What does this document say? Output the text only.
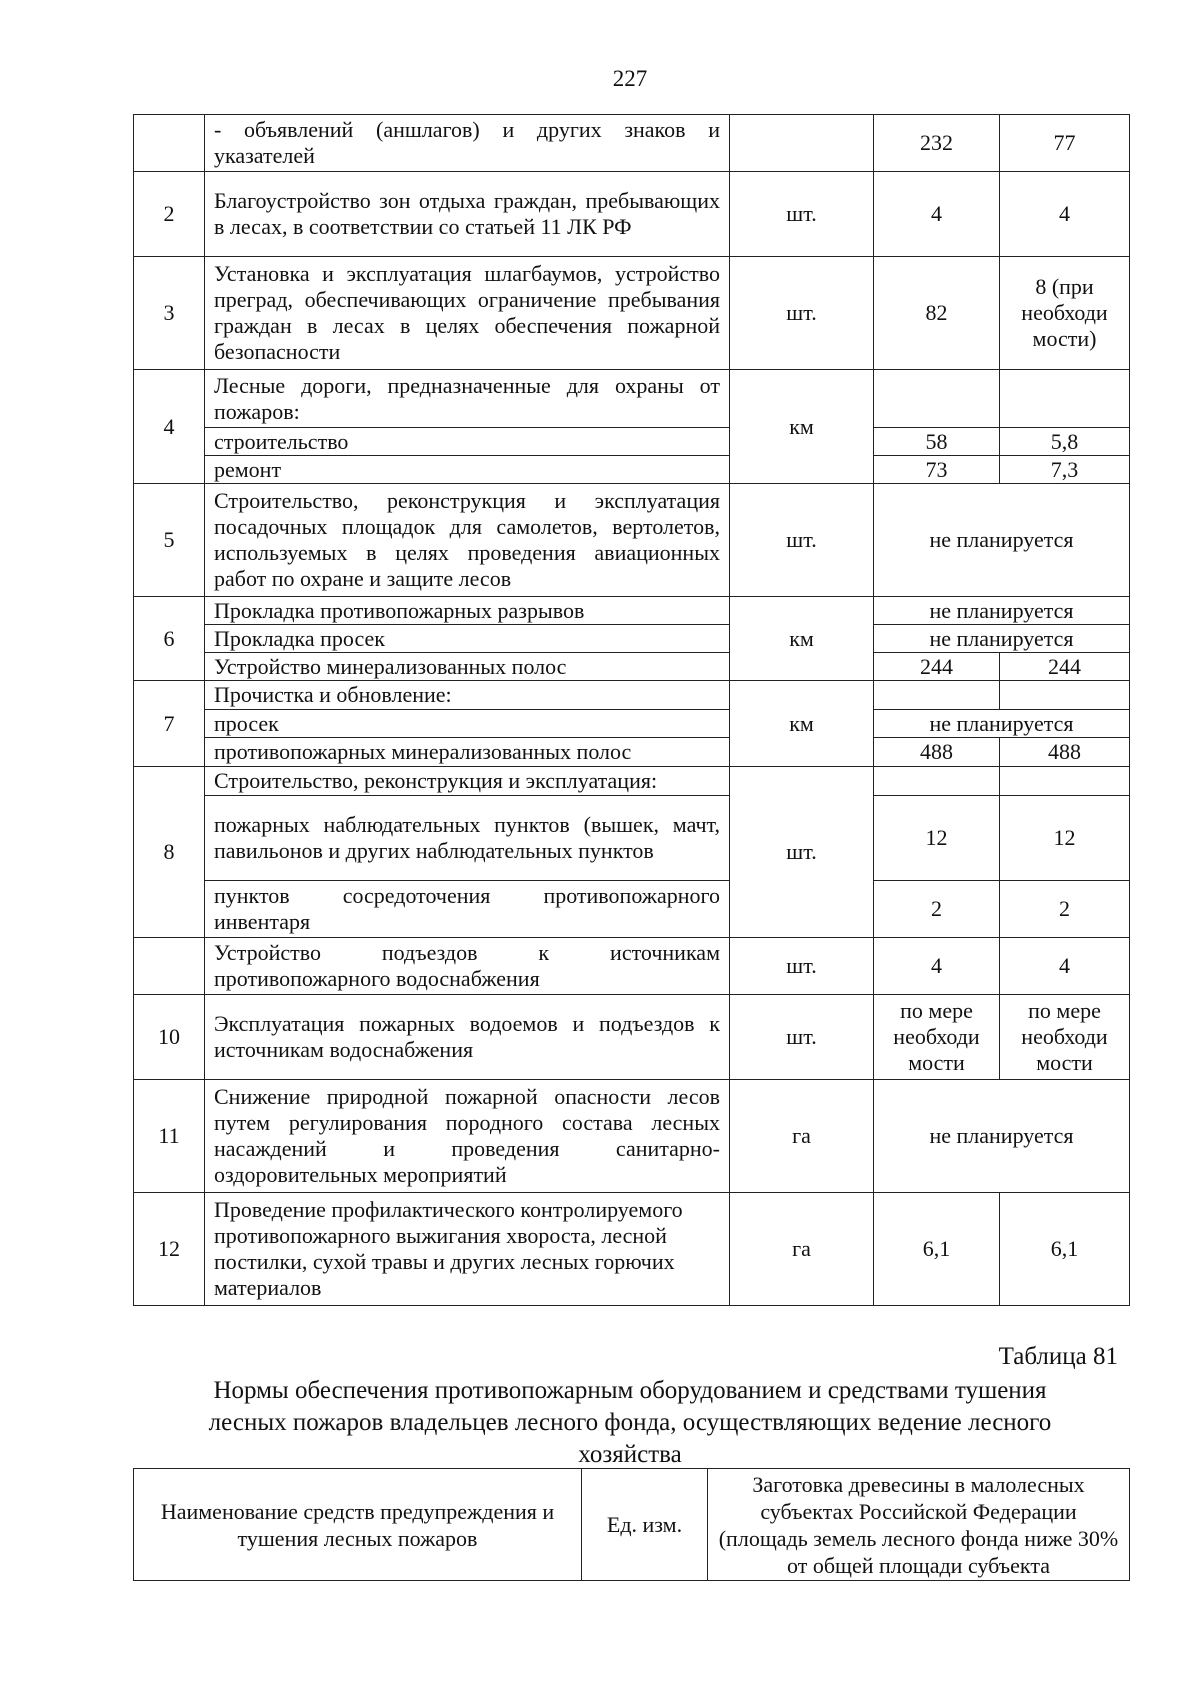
227
	- объявлений (аншлагов) и других знаков и указателей		232	77
2	Благоустройство зон отдыха граждан, пребывающих в лесах, в соответствии со статьей 11 ЛК РФ	шт.	4	4
3	Установка и эксплуатация шлагбаумов, устройство преград, обеспечивающих ограничение пребывания граждан в лесах в целях обеспечения пожарной безопасности	шт.	82	8 (при необходи мости)
4	Лесные дороги, предназначенные для охраны от пожаров:	км		
	строительство		58	5,8
	ремонт		73	7,3
5	Строительство, реконструкция и эксплуатация посадочных площадок для самолетов, вертолетов, используемых в целях проведения авиационных работ по охране и защите лесов	шт.	не планируется	
6	Прокладка противопожарных разрывов	км	не планируется	
	Прокладка просек		не планируется	
	Устройство минерализованных полос		244	244
7	Прочистка и обновление:	км		
	просек		не планируется	
	противопожарных минерализованных полос		488	488
8	Строительство, реконструкция и эксплуатация:	шт.		
	пожарных наблюдательных пунктов (вышек, мачт, павильонов и других наблюдательных пунктов		12	12
	пунктов сосредоточения противопожарного инвентаря		2	2
	Устройство подъездов к источникам противопожарного водоснабжения	шт.	4	4
10	Эксплуатация пожарных водоемов и подъездов к источникам водоснабжения	шт.	по мере необходи мости	по мере необходи мости
11	Снижение природной пожарной опасности лесов путем регулирования породного состава лесных насаждений и проведения санитарно-оздоровительных мероприятий	га	не планируется	
12	Проведение профилактического контролируемого противопожарного выжигания хвороста, лесной постилки, сухой травы и других лесных горючих материалов	га	6,1	6,1
Таблица 81
Нормы обеспечения противопожарным оборудованием и средствами тушения лесных пожаров владельцев лесного фонда, осуществляющих ведение лесного хозяйства
Наименование средств предупреждения и тушения лесных пожаров	Ед. изм.	Заготовка древесины в малолесных субъектах Российской Федерации (площадь земель лесного фонда ниже 30% от общей площади субъекта
